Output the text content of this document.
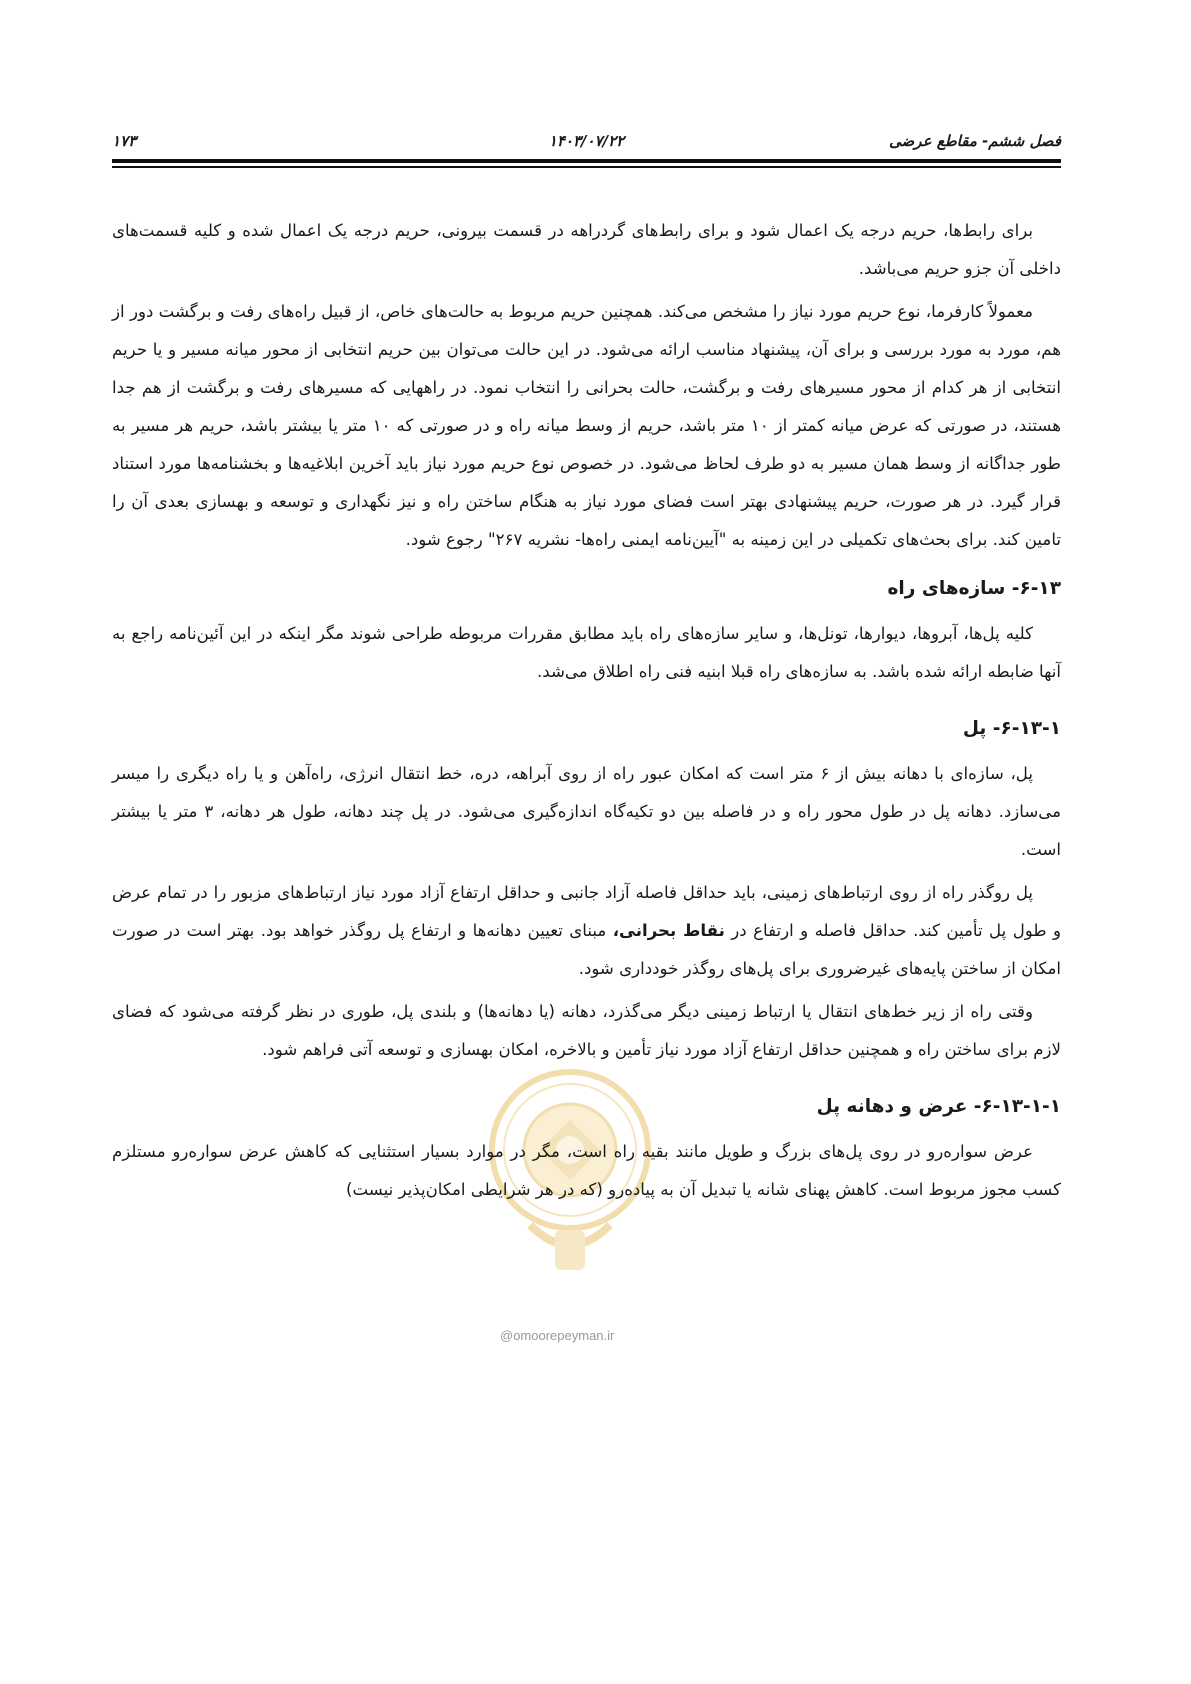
فصل ششم- مقاطع عرضی
۱۴۰۳/۰۷/۲۲
۱۷۳
@omoorepeyman.ir

برای رابط‌ها، حریم درجه یک اعمال شود و برای رابط‌های گردراهه در قسمت بیرونی، حریم درجه یک اعمال شده و کلیه قسمت‌های داخلی آن جزو حریم می‌باشد.

معمولاً کارفرما، نوع حریم مورد نیاز را مشخص می‌کند. همچنین حریم مربوط به حالت‌های خاص، از قبیل راه‌های رفت و برگشت دور از هم، مورد به مورد بررسی و برای آن، پیشنهاد مناسب ارائه می‌شود. در این حالت می‌توان بین حریم انتخابی از محور میانه مسیر و یا حریم انتخابی از هر کدام از محور مسیرهای رفت و برگشت، حالت بحرانی را انتخاب نمود. در راههایی که مسیرهای رفت و برگشت از هم جدا هستند، در صورتی که عرض میانه کمتر از ۱۰ متر باشد، حریم از وسط میانه راه و در صورتی که ۱۰ متر یا بیشتر باشد، حریم هر مسیر به طور جداگانه از وسط همان مسیر به دو طرف لحاظ می‌شود. در خصوص نوع حریم مورد نیاز باید آخرین ابلاغیه‌ها و بخشنامه‌ها مورد استناد قرار گیرد. در هر صورت، حریم پیشنهادی بهتر است فضای مورد نیاز به هنگام ساختن راه و نیز نگهداری و توسعه و بهسازی بعدی آن را تامین کند. برای بحث‌های تکمیلی در این زمینه به "آیین‌نامه ایمنی راه‌ها- نشریه ۲۶۷" رجوع شود.

۶-۱۳- سازه‌های راه

کلیه پل‌ها، آبروها، دیوارها، تونل‌ها، و سایر سازه‌های راه باید مطابق مقررات مربوطه طراحی شوند مگر اینکه در این آئین‌نامه راجع به آنها ضابطه ارائه شده باشد. به سازه‌های راه قبلا ابنیه فنی راه اطلاق می‌شد.

۶-۱۳-۱- پل

پل، سازه‌ای با دهانه بیش از ۶ متر است که امکان عبور راه از روی آبراهه، دره، خط انتقال انرژی، راه‌آهن و یا راه دیگری را میسر می‌سازد. دهانه پل در طول محور راه و در فاصله بین دو تکیه‌گاه اندازه‌گیری می‌شود. در پل چند دهانه، طول هر دهانه، ۳ متر یا بیشتر است.

پل روگذر راه از روی ارتباط‌های زمینی، باید حداقل فاصله آزاد جانبی و حداقل ارتفاع آزاد مورد نیاز ارتباط‌های مزبور را در تمام عرض و طول پل تأمین کند. حداقل فاصله و ارتفاع در نقاط بحرانی، مبنای تعیین دهانه‌ها و ارتفاع پل روگذر خواهد بود. بهتر است در صورت امکان از ساختن پایه‌های غیرضروری برای پل‌های روگذر خودداری شود.

وقتی راه از زیر خط‌های انتقال یا ارتباط زمینی دیگر می‌گذرد، دهانه (یا دهانه‌ها) و بلندی پل، طوری در نظر گرفته می‌شود که فضای لازم برای ساختن راه و همچنین حداقل ارتفاع آزاد مورد نیاز تأمین و بالاخره، امکان بهسازی و توسعه آتی فراهم شود.

۶-۱۳-۱-۱- عرض و دهانه پل

عرض سواره‌رو در روی پل‌های بزرگ و طویل مانند بقیه راه است، مگر در موارد بسیار استثنایی که کاهش عرض سواره‌رو مستلزم کسب مجوز مربوط است. کاهش پهنای شانه یا تبدیل آن به پیاده‌رو (که در هر شرایطی امکان‌پذیر نیست)
